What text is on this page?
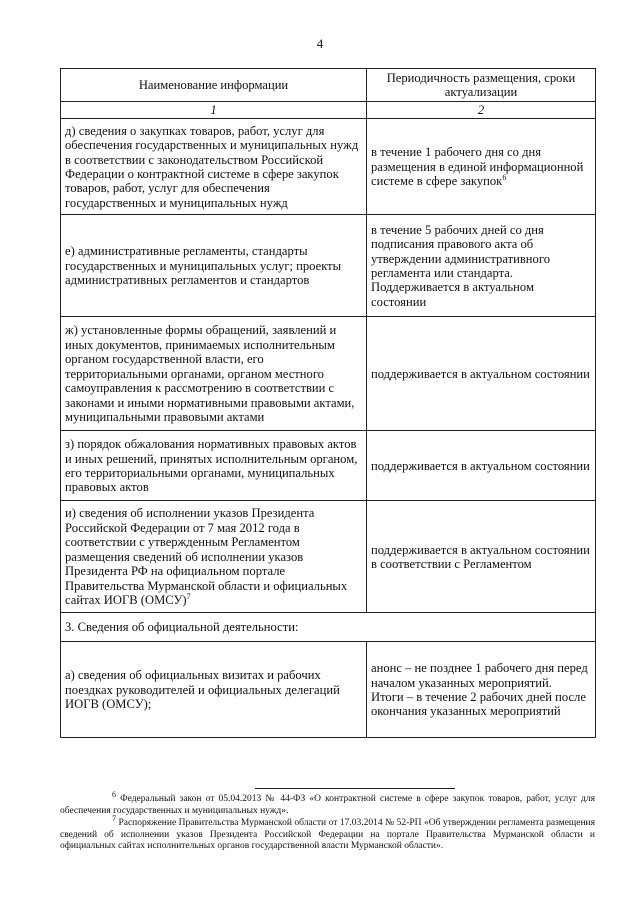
4
Наименование информации	Периодичность размещения, сроки актуализации
1	2
д) сведения о закупках товаров, работ, услуг для обеспечения государственных и муниципальных нужд в соответствии с законодательством Российской Федерации о контрактной системе в сфере закупок товаров, работ, услуг для обеспечения государственных и муниципальных нужд	в течение 1 рабочего дня со дня размещения в единой информационной системе в сфере закупок$^6$
е) административные регламенты, стандарты государственных и муниципальных услуг; проекты административных регламентов и стандартов	в течение 5 рабочих дней со дня подписания правового акта об утверждении административного регламента или стандарта. Поддерживается в актуальном состоянии
ж) установленные формы обращений, заявлений и иных документов, принимаемых исполнительным органом государственной власти, его территориальными органами, органом местного самоуправления к рассмотрению в соответствии с законами и иными нормативными правовыми актами, муниципальными правовыми актами	поддерживается в актуальном состоянии
з) порядок обжалования нормативных правовых актов и иных решений, принятых исполнительным органом, его территориальными органами, муниципальных правовых актов	поддерживается в актуальном состоянии
и) сведения об исполнении указов Президента Российской Федерации от 7 мая 2012 года в соответствии с утвержденным Регламентом размещения сведений об исполнении указов Президента РФ на официальном портале Правительства Мурманской области и официальных сайтах ИОГВ (ОМСУ)$^7$	поддерживается в актуальном состоянии в соответствии с Регламентом
3. Сведения об официальной деятельности:	
а) сведения об официальных визитах и рабочих поездках руководителей и официальных делегаций ИОГВ (ОМСУ);	анонс – не позднее 1 рабочего дня перед началом указанных мероприятий.
Итоги – в течение 2 рабочих дней после окончания указанных мероприятий

$^6$ Федеральный закон от 05.04.2013 № 44-ФЗ «О контрактной системе в сфере закупок товаров, работ, услуг для обеспечения государственных и муниципальных нужд».

$^7$ Распоряжение Правительства Мурманской области от 17.03.2014 № 52-РП «Об утверждении регламента размещения сведений об исполнении указов Президента Российской Федерации на портале Правительства Мурманской области и официальных сайтах исполнительных органов государственной власти Мурманской области».
